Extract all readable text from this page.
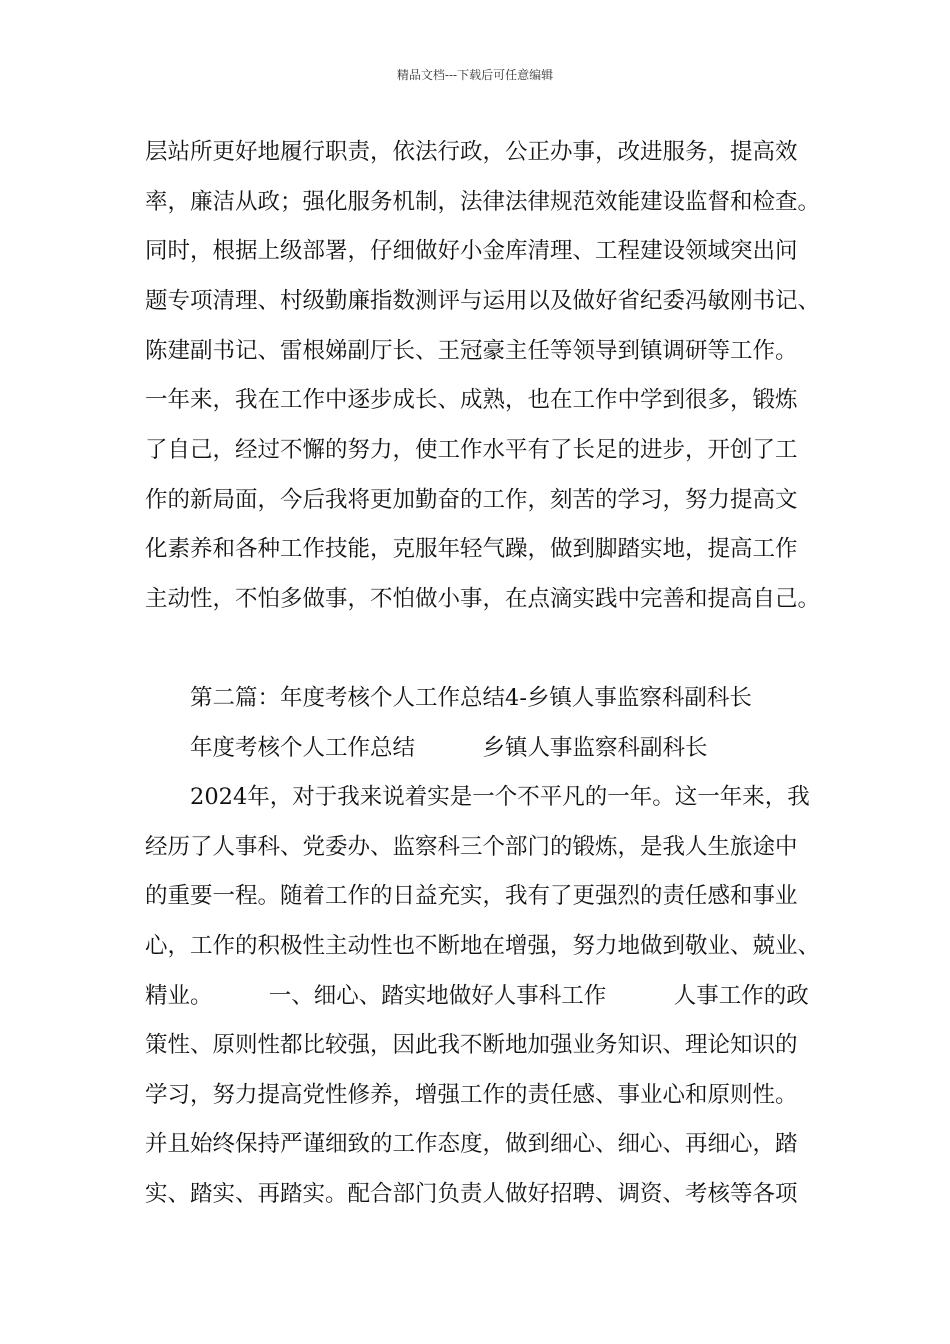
精品文档---下载后可任意编辑
层站所更好地履行职责，依法行政，公正办事，改进服务，提高效
率，廉洁从政；强化服务机制，法律法律规范效能建设监督和检查。
同时，根据上级部署，仔细做好小金库清理、工程建设领域突出问
题专项清理、村级勤廉指数测评与运用以及做好省纪委冯敏刚书记、
陈建副书记、雷根娣副厅长、王冠豪主任等领导到镇调研等工作。
一年来，我在工作中逐步成长、成熟，也在工作中学到很多，锻炼
了自己，经过不懈的努力，使工作水平有了长足的进步，开创了工
作的新局面，今后我将更加勤奋的工作，刻苦的学习，努力提高文
化素养和各种工作技能，克服年轻气躁，做到脚踏实地，提高工作
主动性，不怕多做事，不怕做小事，在点滴实践中完善和提高自己。
第二篇：年度考核个人工作总结4-乡镇人事监察科副科长
年度考核个人工作总结　　　乡镇人事监察科副科长
2024年，对于我来说着实是一个不平凡的一年。这一年来，我
经历了人事科、党委办、监察科三个部门的锻炼，是我人生旅途中
的重要一程。随着工作的日益充实，我有了更强烈的责任感和事业
心，工作的积极性主动性也不断地在增强，努力地做到敬业、兢业、
精业。　　　一、细心、踏实地做好人事科工作　　　人事工作的政
策性、原则性都比较强，因此我不断地加强业务知识、理论知识的
学习，努力提高党性修养，增强工作的责任感、事业心和原则性。
并且始终保持严谨细致的工作态度，做到细心、细心、再细心，踏
实、踏实、再踏实。配合部门负责人做好招聘、调资、考核等各项
